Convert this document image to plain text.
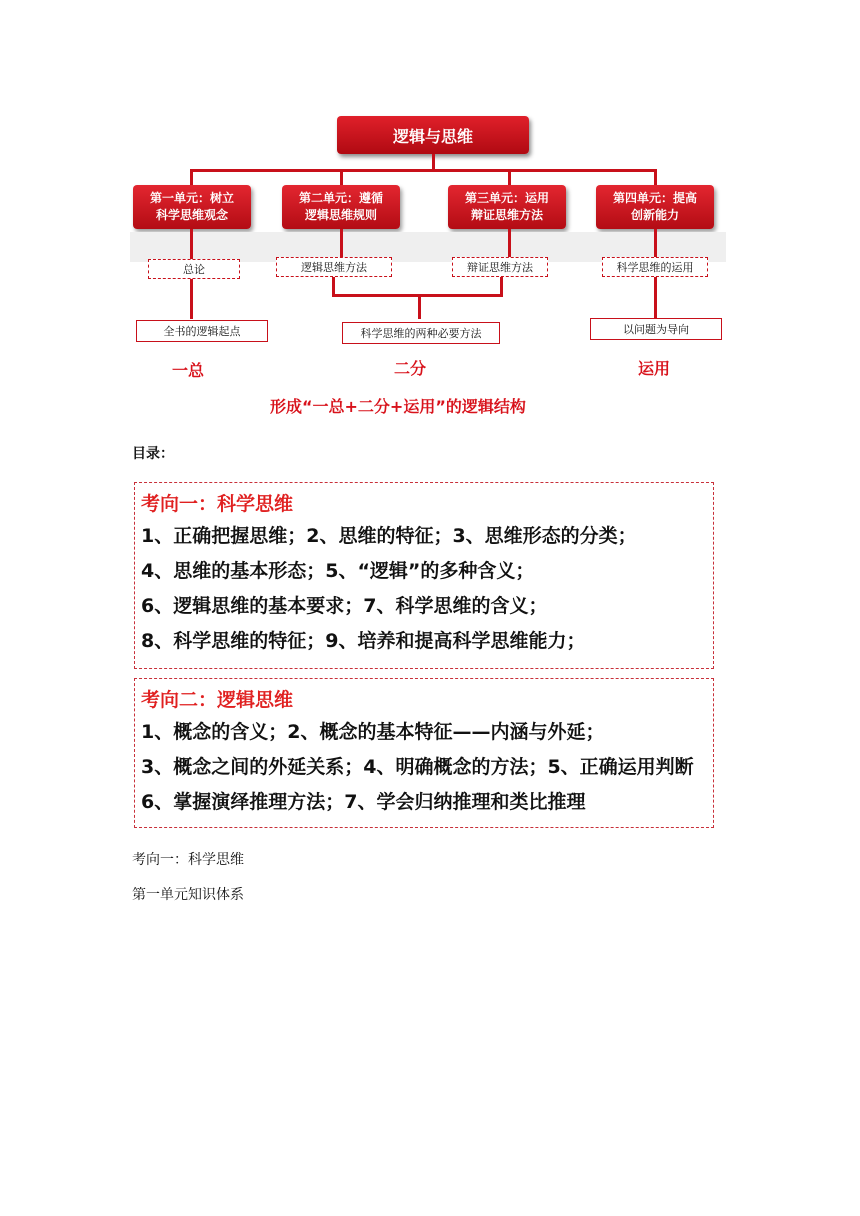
逻辑与思维
第一单元：树立
科学思维观念
第二单元：遵循
逻辑思维规则
第三单元：运用
辩证思维方法
第四单元：提高
创新能力
总论	逻辑思维方法	辩证思维方法	科学思维的运用
全书的逻辑起点	科学思维的两种必要方法	以问题为导向
一总	二分	运用
形成“一总+二分+运用”的逻辑结构
目录：
考向一：科学思维
1、正确把握思维；2、思维的特征；3、思维形态的分类；
4、思维的基本形态；5、“逻辑”的多种含义；
6、逻辑思维的基本要求；7、科学思维的含义；
8、科学思维的特征；9、培养和提高科学思维能力；
考向二：逻辑思维
1、概念的含义；2、概念的基本特征——内涵与外延；
3、概念之间的外延关系；4、明确概念的方法；5、正确运用判断
6、掌握演绎推理方法；7、学会归纳推理和类比推理
考向一：科学思维
第一单元知识体系
